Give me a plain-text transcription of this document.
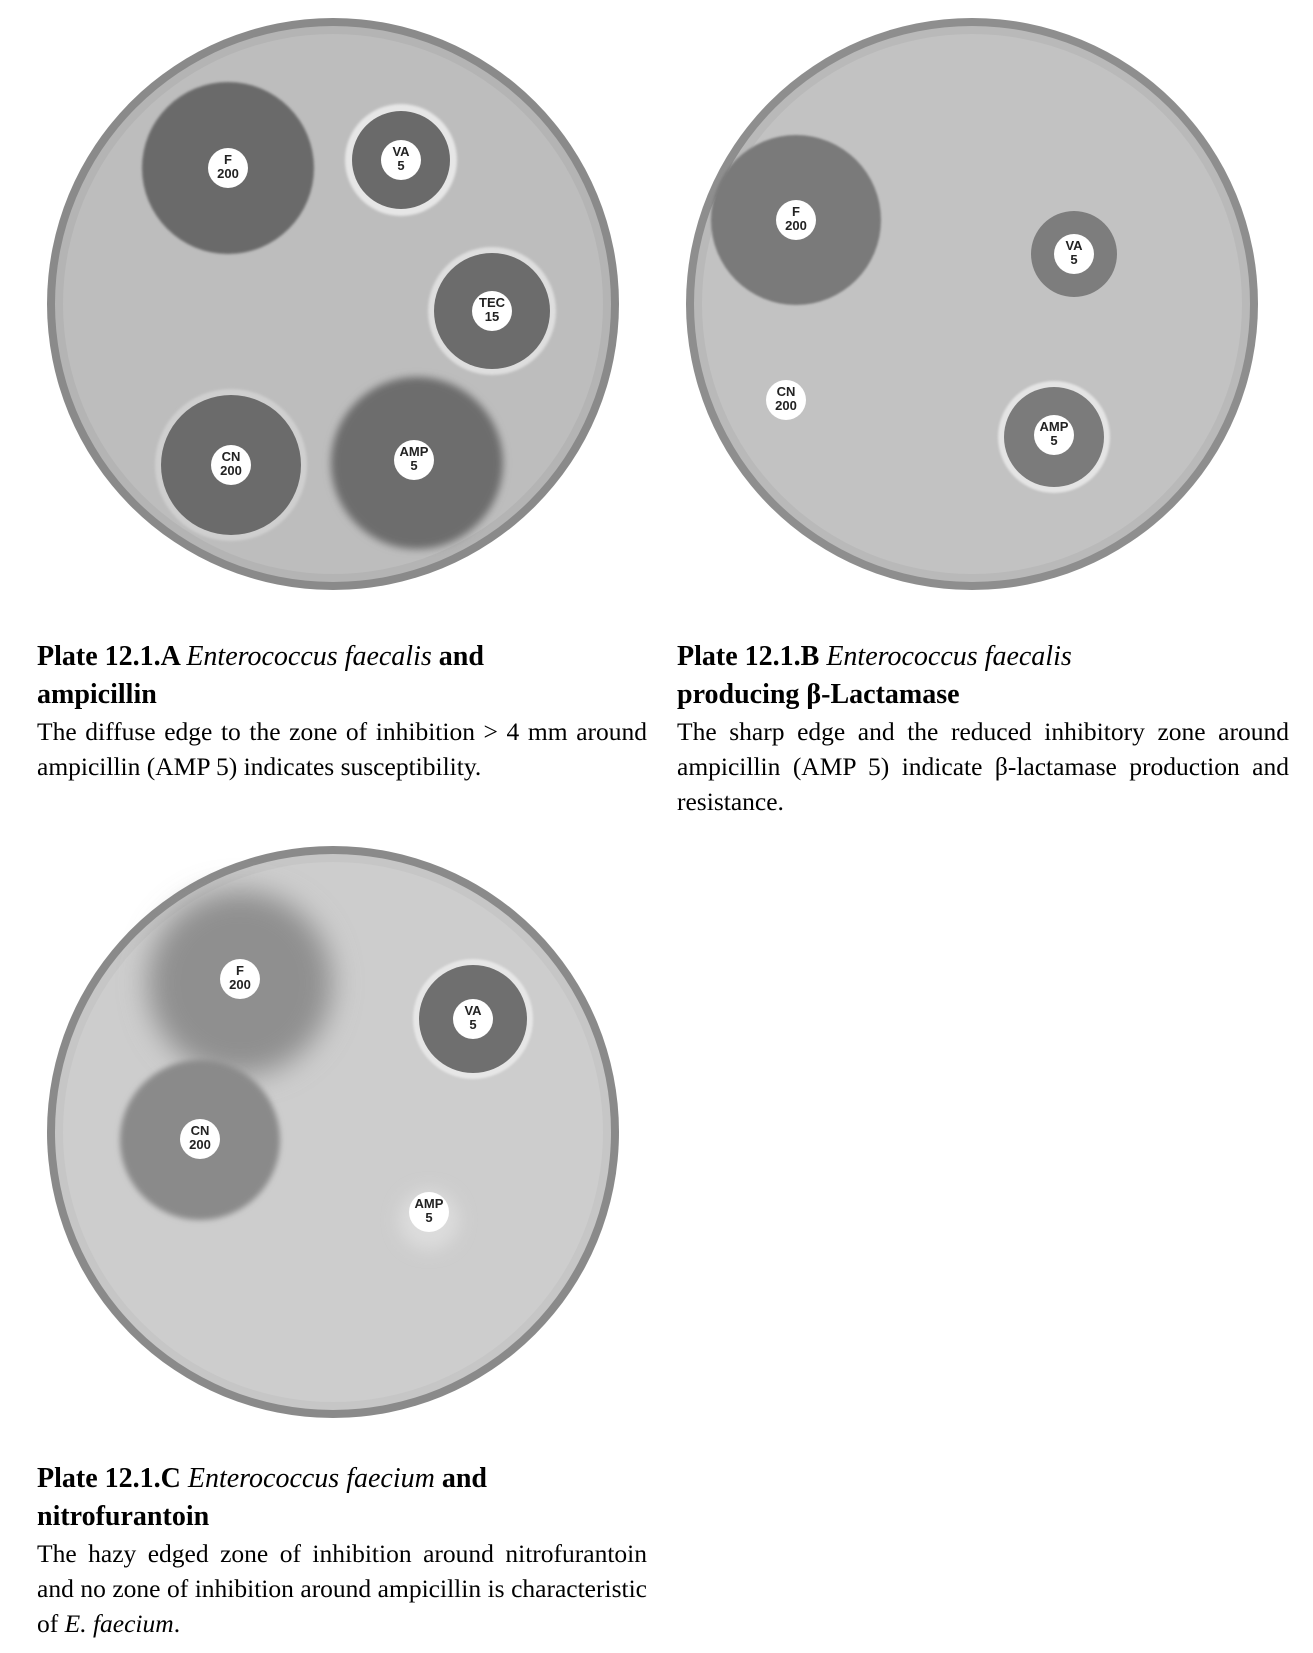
F
200
VA
5
TEC
15
CN
200
AMP
5
F
200
VA
5
CN
200
AMP
5
F
200
VA
5
CN
200
AMP
5

Plate 12.1.A Enterococcus faecalis and
ampicillin

The diffuse edge to the zone of inhibition > 4 mm around ampicillin (AMP 5) indicates susceptibility.

Plate 12.1.B Enterococcus faecalis
producing β-Lactamase

The sharp edge and the reduced inhibitory zone around ampicillin (AMP 5) indicate β-lactamase production and resistance.

Plate 12.1.C Enterococcus faecium and
nitrofurantoin

The hazy edged zone of inhibition around nitrofurantoin and no zone of inhibition around ampicillin is characteristic of E. faecium.
